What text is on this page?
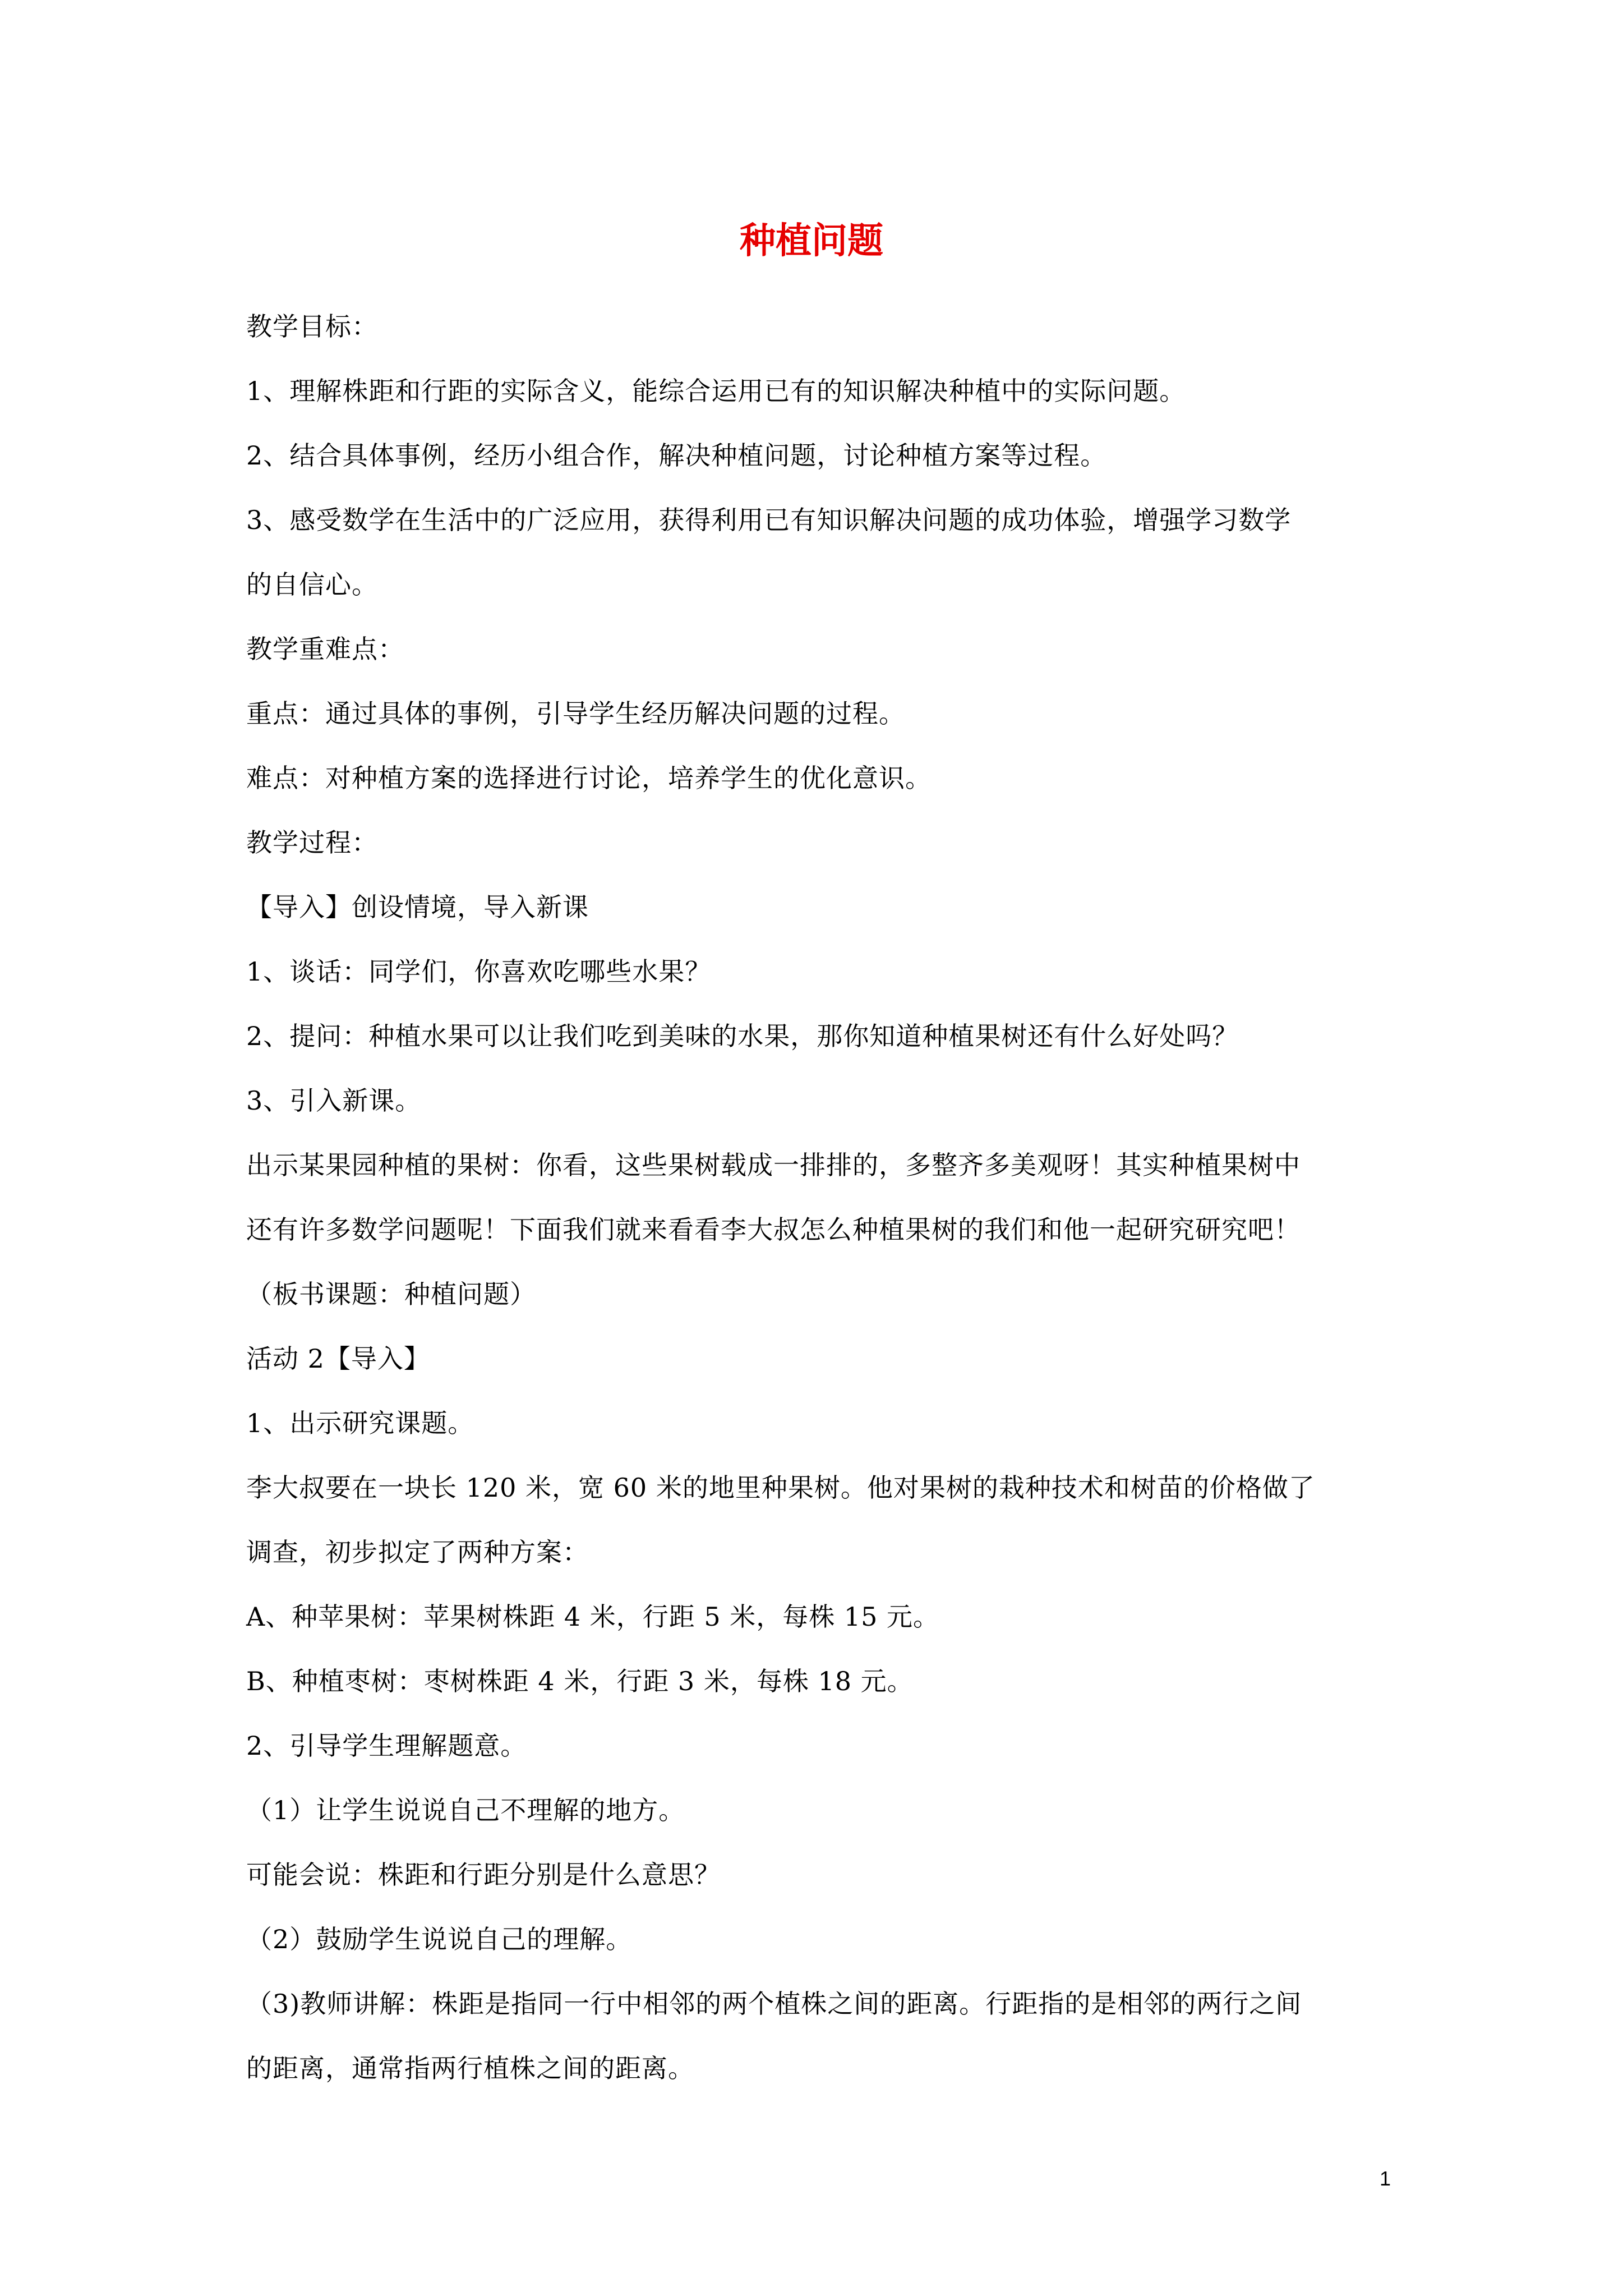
种植问题
教学目标：
1、理解株距和行距的实际含义，能综合运用已有的知识解决种植中的实际问题。
2、结合具体事例，经历小组合作，解决种植问题，讨论种植方案等过程。
3、感受数学在生活中的广泛应用，获得利用已有知识解决问题的成功体验，增强学习数学
的自信心。
教学重难点：
重点：通过具体的事例，引导学生经历解决问题的过程。
难点：对种植方案的选择进行讨论，培养学生的优化意识。
教学过程：
【导入】创设情境，导入新课
1、谈话：同学们，你喜欢吃哪些水果？
2、提问：种植水果可以让我们吃到美味的水果，那你知道种植果树还有什么好处吗？
3、引入新课。
出示某果园种植的果树：你看，这些果树载成一排排的，多整齐多美观呀！其实种植果树中
还有许多数学问题呢！下面我们就来看看李大叔怎么种植果树的我们和他一起研究研究吧！
（板书课题：种植问题）
活动 2【导入】
1、出示研究课题。
李大叔要在一块长 120 米，宽 60 米的地里种果树。他对果树的栽种技术和树苗的价格做了
调查，初步拟定了两种方案：
A、种苹果树：苹果树株距 4 米，行距 5 米，每株 15 元。
B、种植枣树：枣树株距 4 米，行距 3 米，每株 18 元。
2、引导学生理解题意。
（1）让学生说说自己不理解的地方。
可能会说：株距和行距分别是什么意思？
（2）鼓励学生说说自己的理解。
（3)教师讲解：株距是指同一行中相邻的两个植株之间的距离。行距指的是相邻的两行之间
的距离，通常指两行植株之间的距离。
1
